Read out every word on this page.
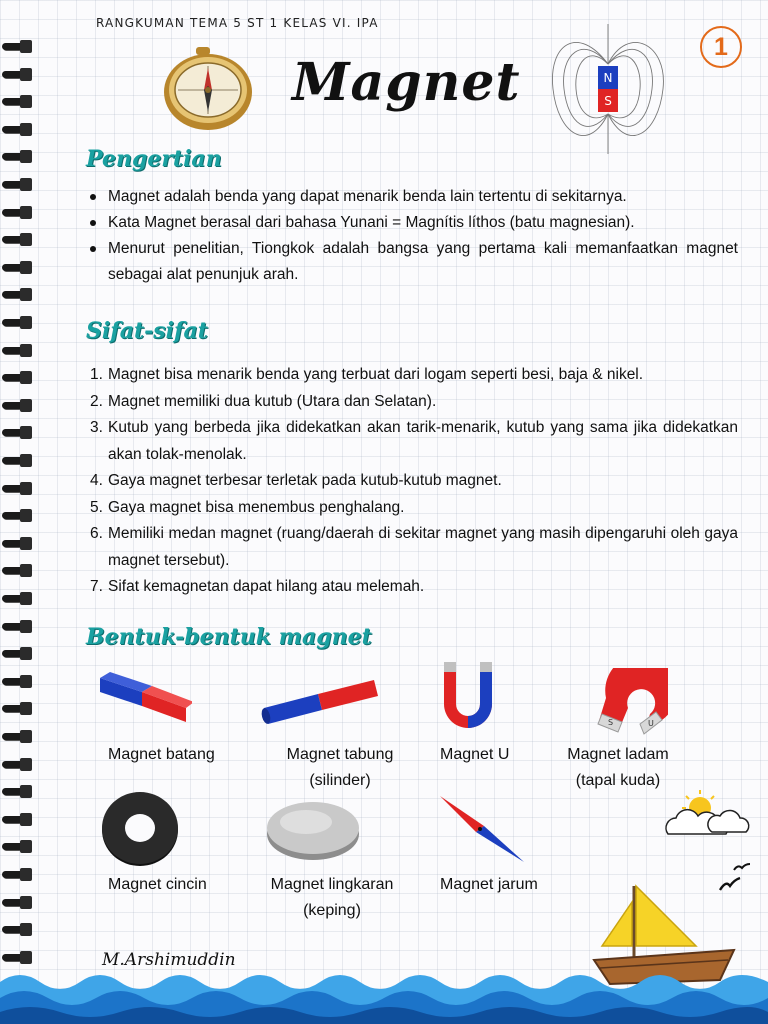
RANGKUMAN TEMA 5 ST 1 KELAS VI. IPA
1
Magnet	N
S
Pengertian
Magnet adalah benda yang dapat menarik benda lain tertentu di sekitarnya.
Kata Magnet berasal dari bahasa Yunani = Magnítis líthos (batu magnesian).
Menurut penelitian, Tiongkok adalah bangsa yang pertama kali memanfaatkan magnet sebagai alat penunjuk arah.
Sifat-sifat
1. Magnet bisa menarik benda yang terbuat dari logam seperti besi, baja & nikel.
2. Magnet memiliki dua kutub (Utara dan Selatan).
3. Kutub yang berbeda jika didekatkan akan tarik-menarik, kutub yang sama jika didekatkan akan tolak-menolak.
4. Gaya magnet terbesar terletak pada kutub-kutub magnet.
5. Gaya magnet bisa menembus penghalang.
6. Memiliki medan magnet (ruang/daerah di sekitar magnet yang masih dipengaruhi oleh gaya magnet tersebut).
7. Sifat kemagnetan dapat hilang atau melemah.
Bentuk-bentuk magnet
Magnet batang	Magnet tabung
(silinder)
Magnet U
S	U
Magnet ladam
(tapal kuda)
Magnet cincin	Magnet lingkaran
(keping)
Magnet jarum
M.Arshimuddin
